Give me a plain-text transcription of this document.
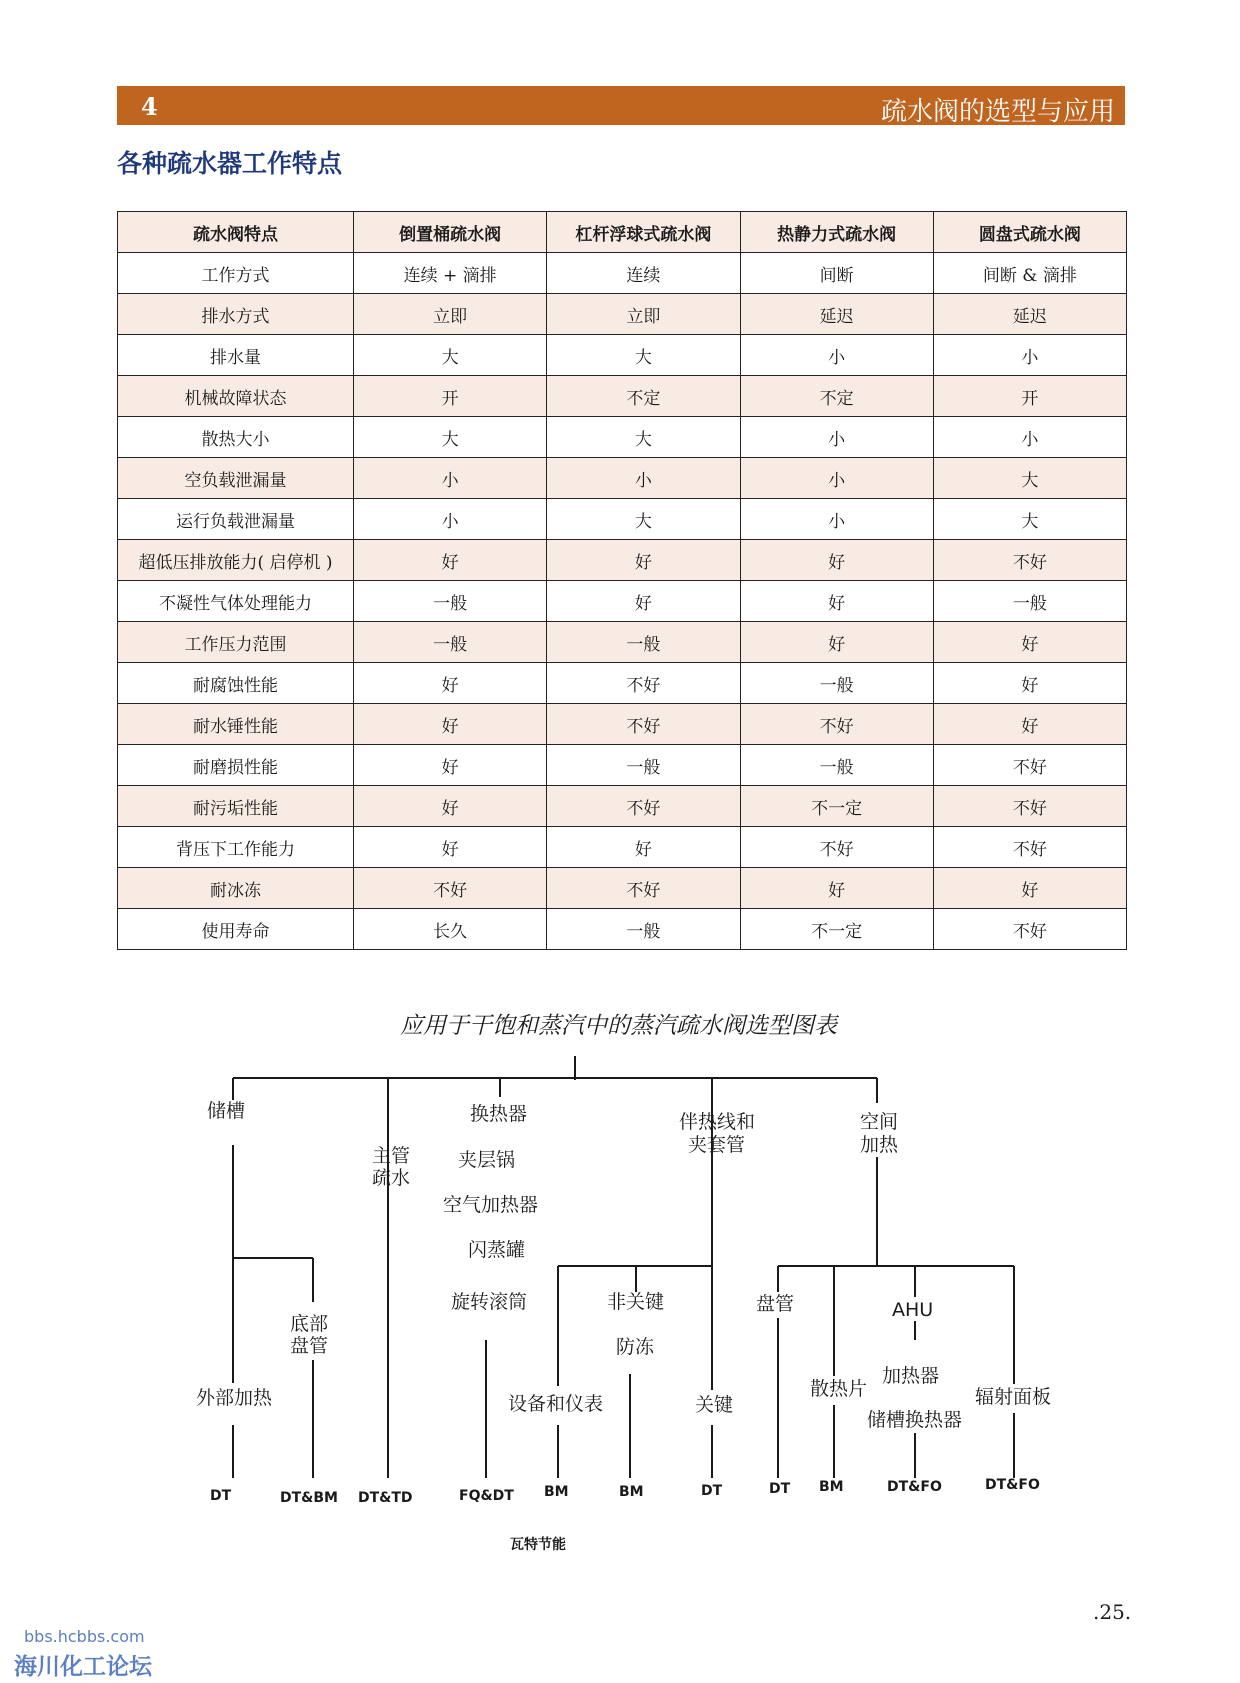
4	疏水阀的选型与应用
各种疏水器工作特点
疏水阀特点	倒置桶疏水阀	杠杆浮球式疏水阀	热静力式疏水阀	圆盘式疏水阀
工作方式	连续 + 滴排	连续	间断	间断 & 滴排
排水方式	立即	立即	延迟	延迟
排水量	大	大	小	小
机械故障状态	开	不定	不定	开
散热大小	大	大	小	小
空负载泄漏量	小	小	小	大
运行负载泄漏量	小	大	小	大
超低压排放能力( 启停机 )	好	好	好	不好
不凝性气体处理能力	一般	好	好	一般
工作压力范围	一般	一般	好	好
耐腐蚀性能	好	不好	一般	好
耐水锤性能	好	不好	不好	好
耐磨损性能	好	一般	一般	不好
耐污垢性能	好	不好	不一定	不好
背压下工作能力	好	好	不好	不好
耐冰冻	不好	不好	好	好
使用寿命	长久	一般	不一定	不好
应用于干饱和蒸汽中的蒸汽疏水阀选型图表
储槽
主管
疏水
换热器
夹层锅
空气加热器
闪蒸罐
旋转滚筒
伴热线和
夹套管
空间
加热
底部
盘管
外部加热
非关键
防冻
设备和仪表	关键
盘管	AHU
散热片
加热器
储槽换热器
辐射面板
DT	DT&BM DT&TD	FQ&DT BM	BM	DT	DT BM	DT&FO	DT&FO
瓦特节能
.25.
bbs.hcbbs.com
海川化工论坛
